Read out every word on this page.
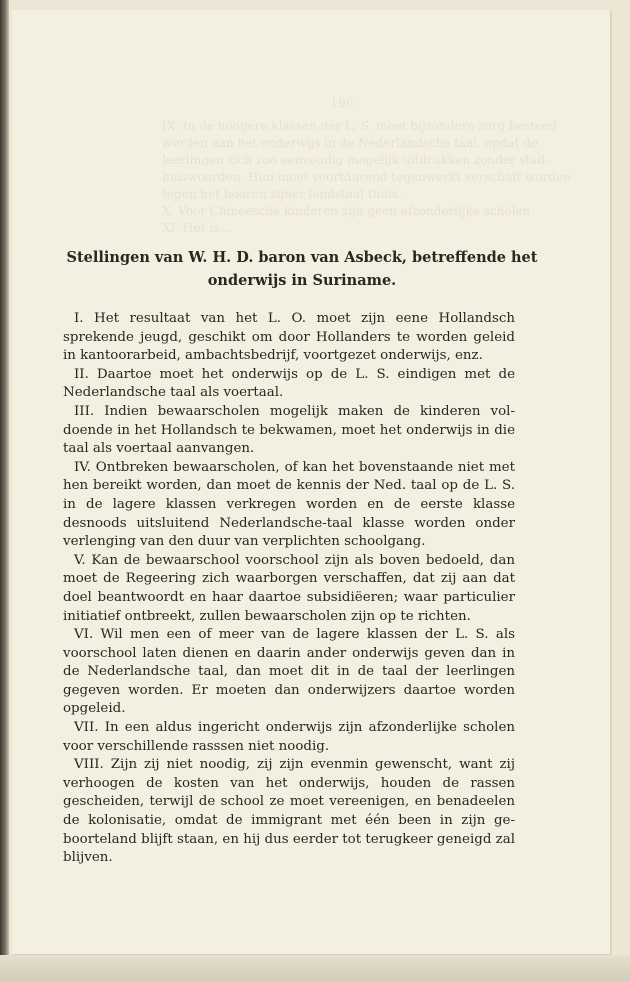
196
IX. In de hoogere klassen der L. S. moet bijzondere zorg besteed
worden aan het onderwijs in de Nederlandsche taal, opdat de
leerlingen zich zoo eenvoudig mogelijk uitdrukken zonder stad-
huiswoorden. Hun moet voortdurend tegenwerkt verschaft worden
tegen het hooren zijner landstaal thuis.
X. Voor Chineesche kinderen zijn geen afzonderlijke scholen
XI. Het is...
Stellingen van W. H. D. baron van Asbeck, betreffende het onderwijs in Suriname.

I. Het resultaat van het L. O. moet zijn eene Hollandsch sprekende jeugd, geschikt om door Hollanders te worden geleid in kantoorarbeid, ambachtsbedrijf, voortgezet onderwijs, enz.

II. Daartoe moet het onderwijs op de L. S. eindigen met de Nederlandsche taal als voertaal.

III. Indien bewaarscholen mogelijk maken de kinderen voldoende in het Hollandsch te bekwamen, moet het onderwijs in die taal als voertaal aanvangen.

IV. Ontbreken bewaarscholen, of kan het bovenstaande niet met hen bereikt worden, dan moet de kennis der Ned. taal op de L. S. in de lagere klassen verkregen worden en de eerste klasse desnoods uitsluitend Nederlandsche-taal klasse worden onder verlenging van den duur van verplichten schoolgang.

V. Kan de bewaarschool voorschool zijn als boven bedoeld, dan moet de Regeering zich waarborgen verschaffen, dat zij aan dat doel beantwoordt en haar daartoe subsidiëeren; waar particulier initiatief ontbreekt, zullen bewaarscholen zijn op te richten.

VI. Wil men een of meer van de lagere klassen der L. S. als voorschool laten dienen en daarin ander onderwijs geven dan in de Nederlandsche taal, dan moet dit in de taal der leerlingen gegeven worden. Er moeten dan onderwijzers daartoe worden opgeleid.

VII. In een aldus ingericht onderwijs zijn afzonderlijke scholen voor verschillende rasssen niet noodig.

VIII. Zijn zij niet noodig, zij zijn evenmin gewenscht, want zij verhoogen de kosten van het onderwijs, houden de rassen gescheiden, terwijl de school ze moet vereenigen, en benadeelen de kolonisatie, omdat de immigrant met één been in zijn geboorteland blijft staan, en hij dus eerder tot terugkeer geneigd zal blijven.
